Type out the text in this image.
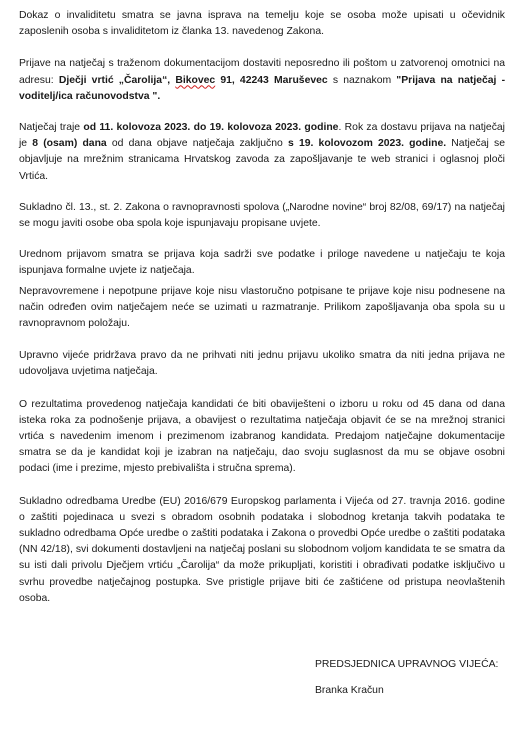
Dokaz o invaliditetu smatra se javna isprava na temelju koje se osoba može upisati u očevidnik zaposlenih osoba s invaliditetom iz članka 13. navedenog Zakona.

Prijave na natječaj s traženom dokumentacijom dostaviti neposredno ili poštom u zatvorenoj omotnici na adresu: Dječji vrtić „Čarolija“, Bikovec 91, 42243 Maruševec s naznakom "Prijava na natječaj - voditelj/ica računovodstva ".

Natječaj traje od 11. kolovoza 2023. do 19. kolovoza 2023. godine. Rok za dostavu prijava na natječaj je 8 (osam) dana od dana objave natječaja zaključno s 19. kolovozom 2023. godine. Natječaj se objavljuje na mrežnim stranicama Hrvatskog zavoda za zapošljavanje te web stranici i oglasnoj ploči Vrtića.

Sukladno čl. 13., st. 2. Zakona o ravnopravnosti spolova („Narodne novine“ broj 82/08, 69/17) na natječaj se mogu javiti osobe oba spola koje ispunjavaju propisane uvjete.

Urednom prijavom smatra se prijava koja sadrži sve podatke i priloge navedene u natječaju te koja ispunjava formalne uvjete iz natječaja.

Nepravovremene i nepotpune prijave koje nisu vlastoručno potpisane te prijave koje nisu podnesene na način određen ovim natječajem neće se uzimati u razmatranje. Prilikom zapošljavanja oba spola su u ravnopravnom položaju.

Upravno vijeće pridržava pravo da ne prihvati niti jednu prijavu ukoliko smatra da niti jedna prijava ne udovoljava uvjetima natječaja.

O rezultatima provedenog natječaja kandidati će biti obaviješteni o izboru u roku od 45 dana od dana isteka roka za podnošenje prijava, a obavijest o rezultatima natječaja objavit će se na mrežnoj stranici vrtića s navedenim imenom i prezimenom izabranog kandidata. Predajom natječajne dokumentacije smatra se da je kandidat koji je izabran na natječaju, dao svoju suglasnost da mu se objave osobni podaci (ime i prezime, mjesto prebivališta i stručna sprema).

Sukladno odredbama Uredbe (EU) 2016/679 Europskog parlamenta i Vijeća od 27. travnja 2016. godine o zaštiti pojedinaca u svezi s obradom osobnih podataka i slobodnog kretanja takvih podataka te sukladno odredbama Opće uredbe o zaštiti podataka i Zakona o provedbi Opće uredbe o zaštiti podataka (NN 42/18), svi dokumenti dostavljeni na natječaj poslani su slobodnom voljom kandidata te se smatra da su isti dali privolu Dječjem vrtiću „Čarolija“ da može prikupljati, koristiti i obrađivati podatke isključivo u svrhu provedbe natječajnog postupka. Sve pristigle prijave biti će zaštićene od pristupa neovlaštenih osoba.

PREDSJEDNICA UPRAVNOG VIJEĆA:
Branka Kračun
